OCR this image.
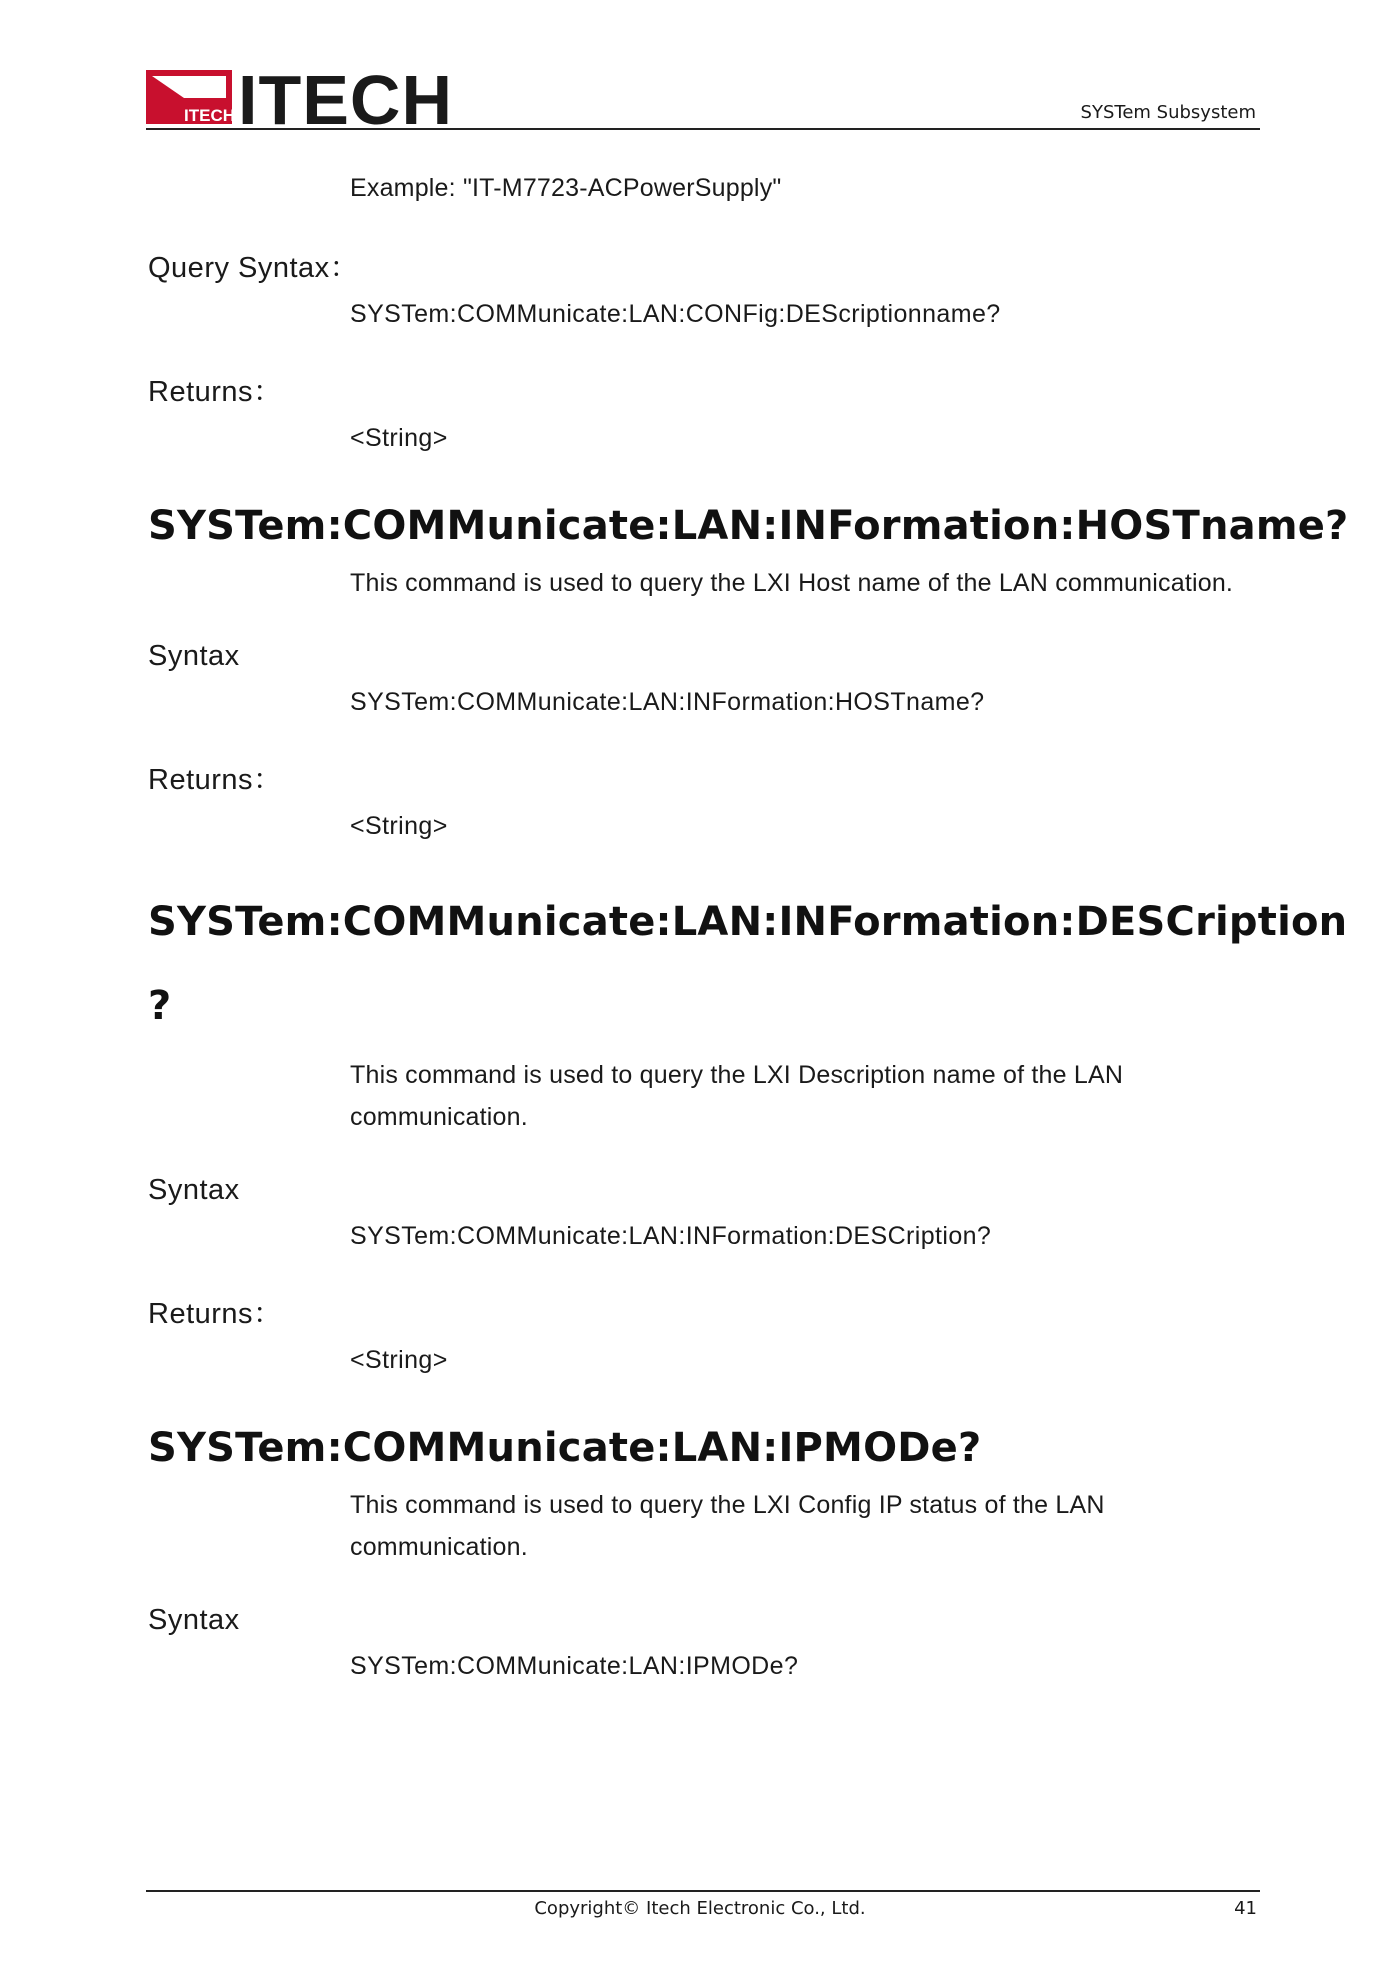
ITECH ITECH	SYSTem Subsystem
Example: "IT-M7723-ACPowerSupply"
Query Syntax：
SYSTem:COMMunicate:LAN:CONFig:DEScriptionname?
Returns：
<String>
SYSTem:COMMunicate:LAN:INFormation:HOSTname?
This command is used to query the LXI Host name of the LAN communication.
Syntax
SYSTem:COMMunicate:LAN:INFormation:HOSTname?
Returns：
<String>
SYSTem:COMMunicate:LAN:INFormation:DESCription
?
This command is used to query the LXI Description name of the LAN communication.
Syntax
SYSTem:COMMunicate:LAN:INFormation:DESCription?
Returns：
<String>
SYSTem:COMMunicate:LAN:IPMODe?
This command is used to query the LXI Config IP status of the LAN communication.
Syntax
SYSTem:COMMunicate:LAN:IPMODe?
Copyright© Itech Electronic Co., Ltd.	41
